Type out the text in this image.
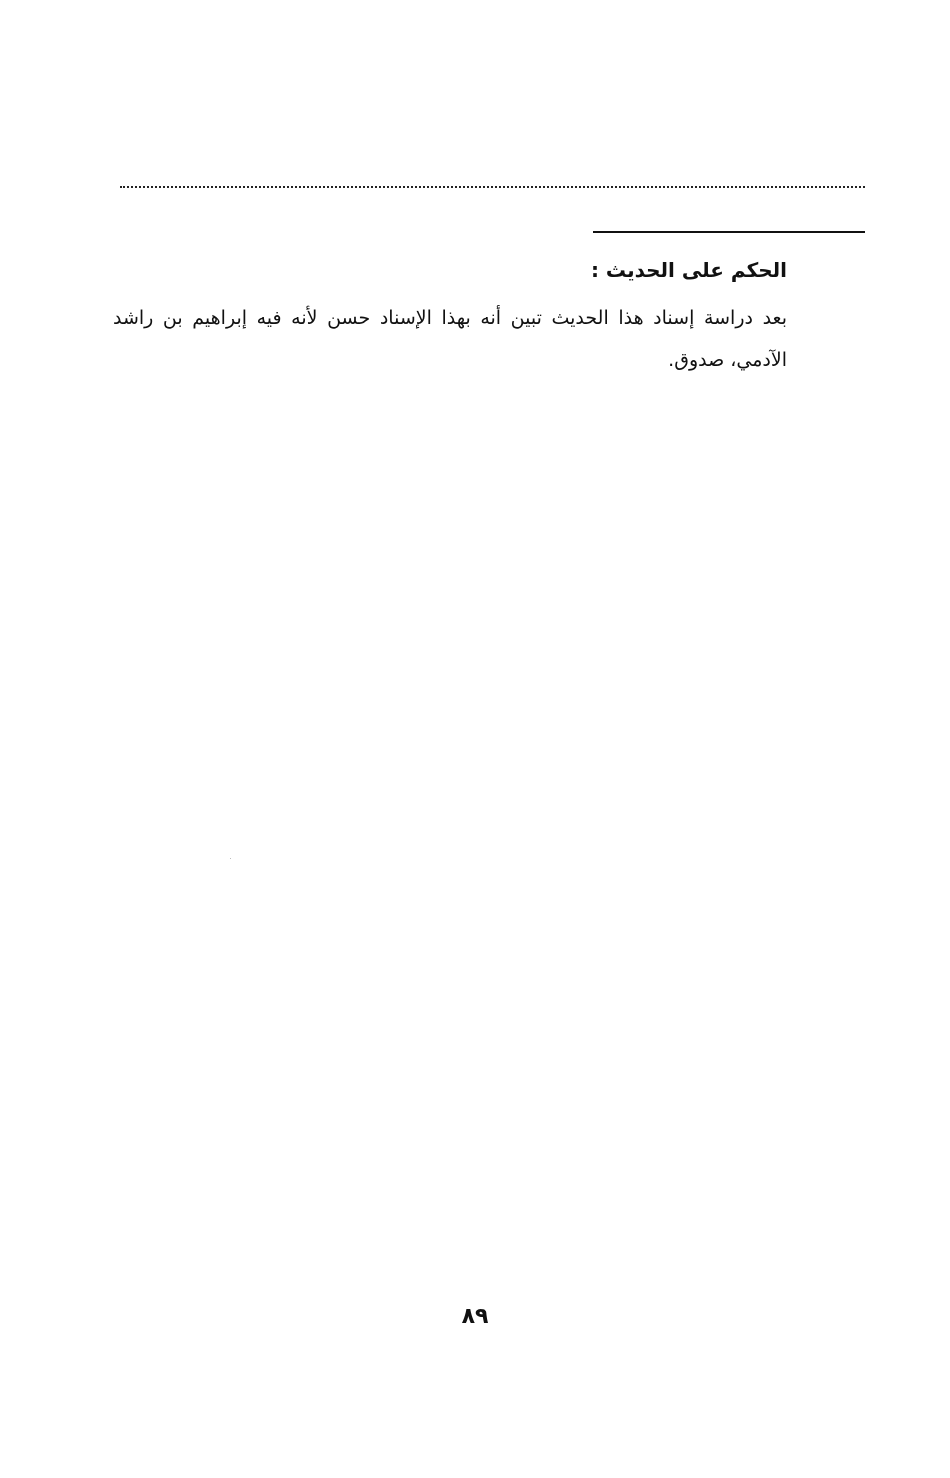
الحكم على الحديث :

بعد دراسة إسناد هذا الحديث تبين أنه بهذا الإسناد حسن لأنه فيه إبراهيم بن راشد الآدمي، صدوق.

٨٩
